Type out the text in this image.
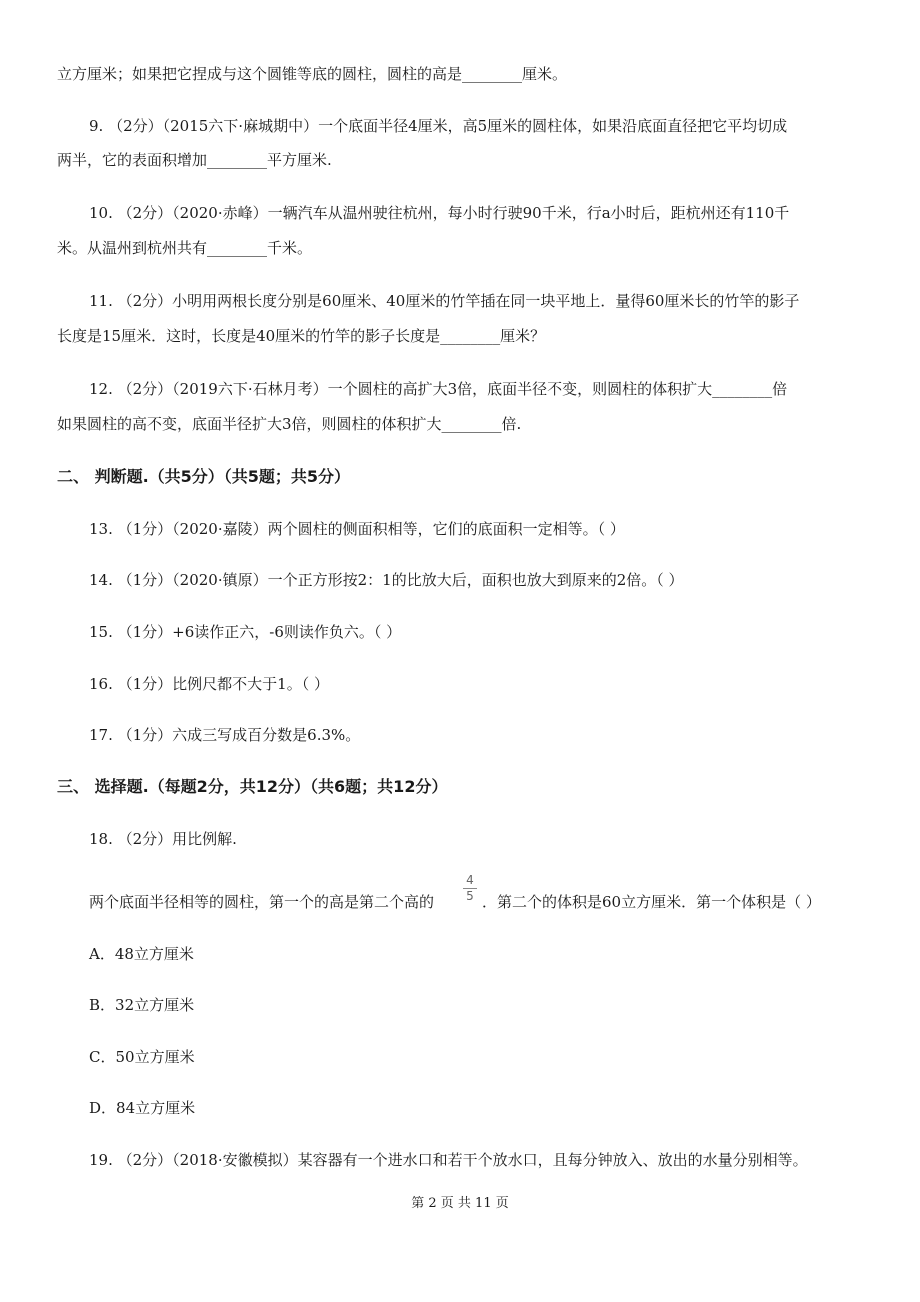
立方厘米；如果把它捏成与这个圆锥等底的圆柱，圆柱的高是________厘米。
9. （2分）（2015六下·麻城期中）一个底面半径4厘米，高5厘米的圆柱体，如果沿底面直径把它平均切成
两半，它的表面积增加________平方厘米.
10. （2分）（2020·赤峰）一辆汽车从温州驶往杭州，每小时行驶90千米，行a小时后，距杭州还有110千
米。从温州到杭州共有________千米。
11. （2分）小明用两根长度分别是60厘米、40厘米的竹竿插在同一块平地上．量得60厘米长的竹竿的影子
长度是15厘米．这时，长度是40厘米的竹竿的影子长度是________厘米？
12. （2分）（2019六下·石林月考）一个圆柱的高扩大3倍，底面半径不变，则圆柱的体积扩大________倍
如果圆柱的高不变，底面半径扩大3倍，则圆柱的体积扩大________倍.
二、 判断题.（共5分）（共5题；共5分）
13. （1分）（2020·嘉陵）两个圆柱的侧面积相等，它们的底面积一定相等。（ ）
14. （1分）（2020·镇原）一个正方形按2：1的比放大后，面积也放大到原来的2倍。（ ）
15. （1分）+6读作正六，-6则读作负六。（ ）
16. （1分）比例尺都不大于1。（ ）
17. （1分）六成三写成百分数是6.3%。
三、 选择题.（每题2分，共12分）（共6题；共12分）
18. （2分）用比例解.
两个底面半径相等的圆柱，第一个的高是第二个高的
4
5 ．第二个的体积是60立方厘米．第一个体积是（ ）
A．48立方厘米
B．32立方厘米
C．50立方厘米
D．84立方厘米
19. （2分）（2018·安徽模拟）某容器有一个进水口和若干个放水口，且每分钟放入、放出的水量分别相等。
第 2 页 共 11 页
